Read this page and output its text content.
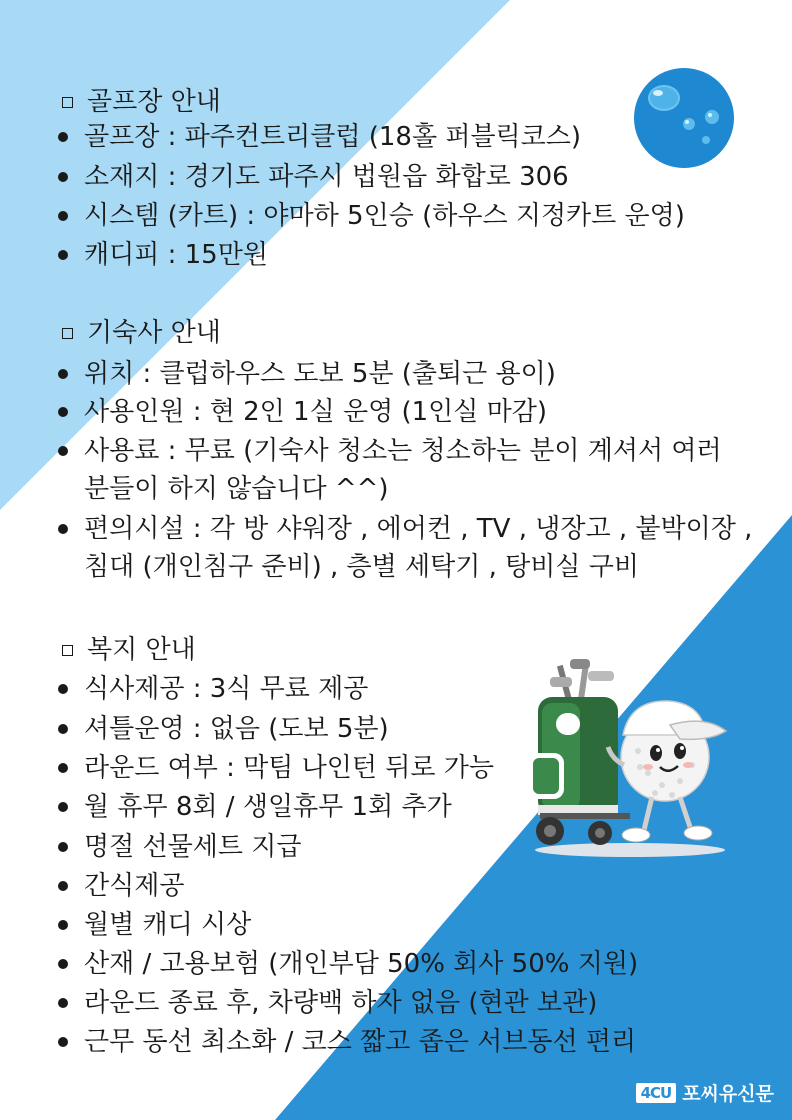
골프장 안내
골프장 : 파주컨트리클럽 (18홀 퍼블릭코스)
소재지 : 경기도 파주시 법원읍 화합로 306
시스템 (카트) : 야마하 5인승 (하우스 지정카트 운영)
캐디피 : 15만원
기숙사 안내
위치 : 클럽하우스 도보 5분 (출퇴근 용이)
사용인원 : 현 2인 1실 운영 (1인실 마감)
사용료 : 무료 (기숙사 청소는 청소하는 분이 계셔서 여러
분들이 하지 않습니다 ^^)
편의시설 : 각 방 샤워장 , 에어컨 , TV , 냉장고 , 붙박이장 ,
침대 (개인침구 준비) , 층별 세탁기 , 탕비실 구비
복지 안내
식사제공 : 3식 무료 제공
셔틀운영 : 없음 (도보 5분)
라운드 여부 : 막팀 나인턴 뒤로 가능
월 휴무 8회 / 생일휴무 1회 추가
명절 선물세트 지급
간식제공
월별 캐디 시상
산재 / 고용보험 (개인부담 50% 회사 50% 지원)
라운드 종료 후, 차량백 하자 없음 (현관 보관)
근무 동선 최소화 / 코스 짧고 좁은 서브동선 편리
4CU 포씨유신문
